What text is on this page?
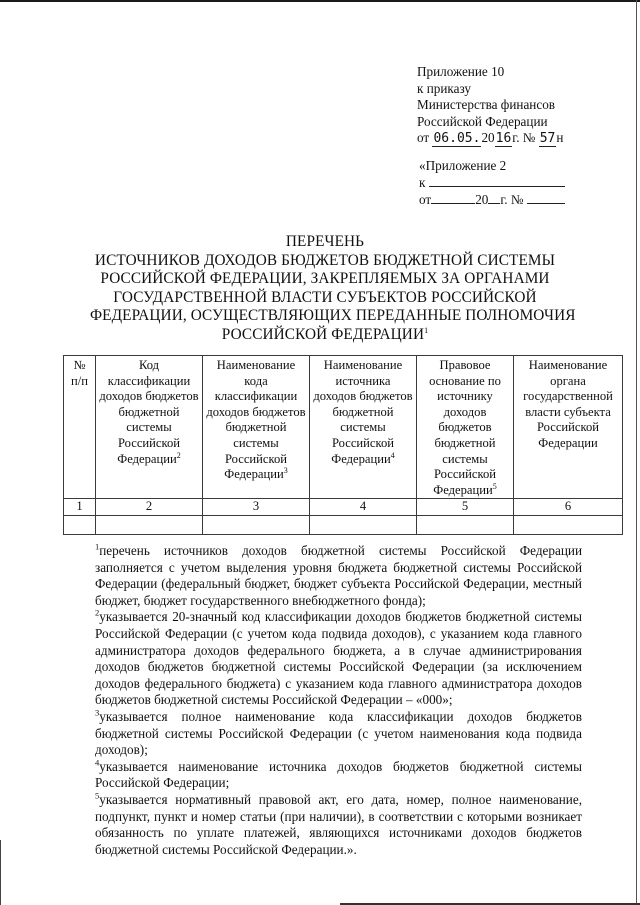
Приложение 10
к приказу
Министерства финансов
Российской Федерации
от 06.05.2016г. № 57н
«Приложение 2
к
от	20 г. №
ПЕРЕЧЕНЬ
ИСТОЧНИКОВ ДОХОДОВ БЮДЖЕТОВ БЮДЖЕТНОЙ СИСТЕМЫ
РОССИЙСКОЙ ФЕДЕРАЦИИ, ЗАКРЕПЛЯЕМЫХ ЗА ОРГАНАМИ
ГОСУДАРСТВЕННОЙ ВЛАСТИ СУБЪЕКТОВ РОССИЙСКОЙ
ФЕДЕРАЦИИ, ОСУЩЕСТВЛЯЮЩИХ ПЕРЕДАННЫЕ ПОЛНОМОЧИЯ
РОССИЙСКОЙ ФЕДЕРАЦИИ$^1$
№ п/п	Код классификации доходов бюджетов бюджетной системы Российской Федерации$^2$	Наименование кода классификации доходов бюджетов бюджетной системы Российской Федерации$^3$	Наименование источника доходов бюджетов бюджетной системы Российской Федерации$^4$	Правовое основание по источнику доходов бюджетов бюджетной системы Российской Федерации$^5$	Наименование органа государственной власти субъекта Российской Федерации
1	2	3	4	5	6

$^1$перечень источников доходов бюджетной системы Российской Федерации заполняется с учетом выделения уровня бюджета бюджетной системы Российской Федерации (федеральный бюджет, бюджет субъекта Российской Федерации, местный бюджет, бюджет государственного внебюджетного фонда);

$^2$указывается 20-значный код классификации доходов бюджетов бюджетной системы Российской Федерации (с учетом кода подвида доходов), с указанием кода главного администратора доходов федерального бюджета, а в случае администрирования доходов бюджетов бюджетной системы Российской Федерации (за исключением доходов федерального бюджета) с указанием кода главного администратора доходов бюджетов бюджетной системы Российской Федерации – «000»;

$^3$указывается полное наименование кода классификации доходов бюджетов бюджетной системы Российской Федерации (с учетом наименования кода подвида доходов);

$^4$указывается наименование источника доходов бюджетов бюджетной системы Российской Федерации;

$^5$указывается нормативный правовой акт, его дата, номер, полное наименование, подпункт, пункт и номер статьи (при наличии), в соответствии с которыми возникает обязанность по уплате платежей, являющихся источниками доходов бюджетов бюджетной системы Российской Федерации.».
